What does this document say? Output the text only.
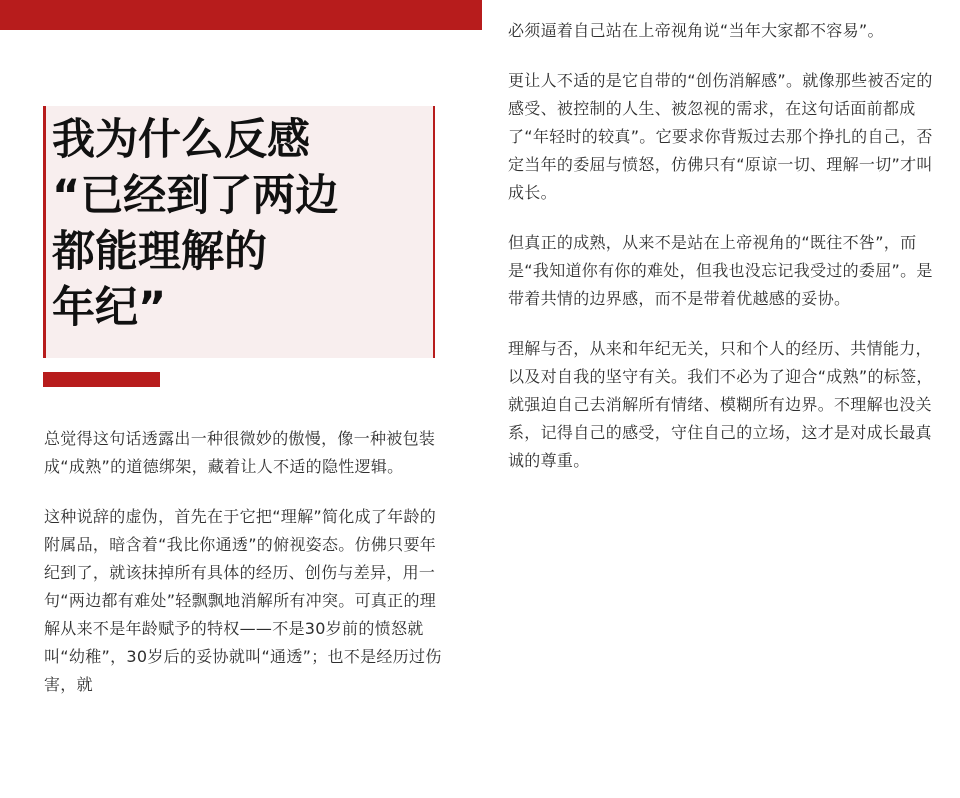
我为什么反感
“已经到了两边
都能理解的
年纪”

总觉得这句话透露出一种很微妙的傲慢，像一种被包装成“成熟”的道德绑架，藏着让人不适的隐性逻辑。

这种说辞的虚伪，首先在于它把“理解”简化成了年龄的附属品，暗含着“我比你通透”的俯视姿态。仿佛只要年纪到了，就该抹掉所有具体的经历、创伤与差异，用一句“两边都有难处”轻飘飘地消解所有冲突。可真正的理解从来不是年龄赋予的特权——不是30岁前的愤怒就叫“幼稚”，30岁后的妥协就叫“通透”；也不是经历过伤害，就

必须逼着自己站在上帝视角说“当年大家都不容易”。

更让人不适的是它自带的“创伤消解感”。就像那些被否定的感受、被控制的人生、被忽视的需求，在这句话面前都成了“年轻时的较真”。它要求你背叛过去那个挣扎的自己，否定当年的委屈与愤怒，仿佛只有“原谅一切、理解一切”才叫成长。

但真正的成熟，从来不是站在上帝视角的“既往不咎”，而是“我知道你有你的难处，但我也没忘记我受过的委屈”。是带着共情的边界感，而不是带着优越感的妥协。

理解与否，从来和年纪无关，只和个人的经历、共情能力，以及对自我的坚守有关。我们不必为了迎合“成熟”的标签，就强迫自己去消解所有情绪、模糊所有边界。不理解也没关系，记得自己的感受，守住自己的立场，这才是对成长最真诚的尊重。
